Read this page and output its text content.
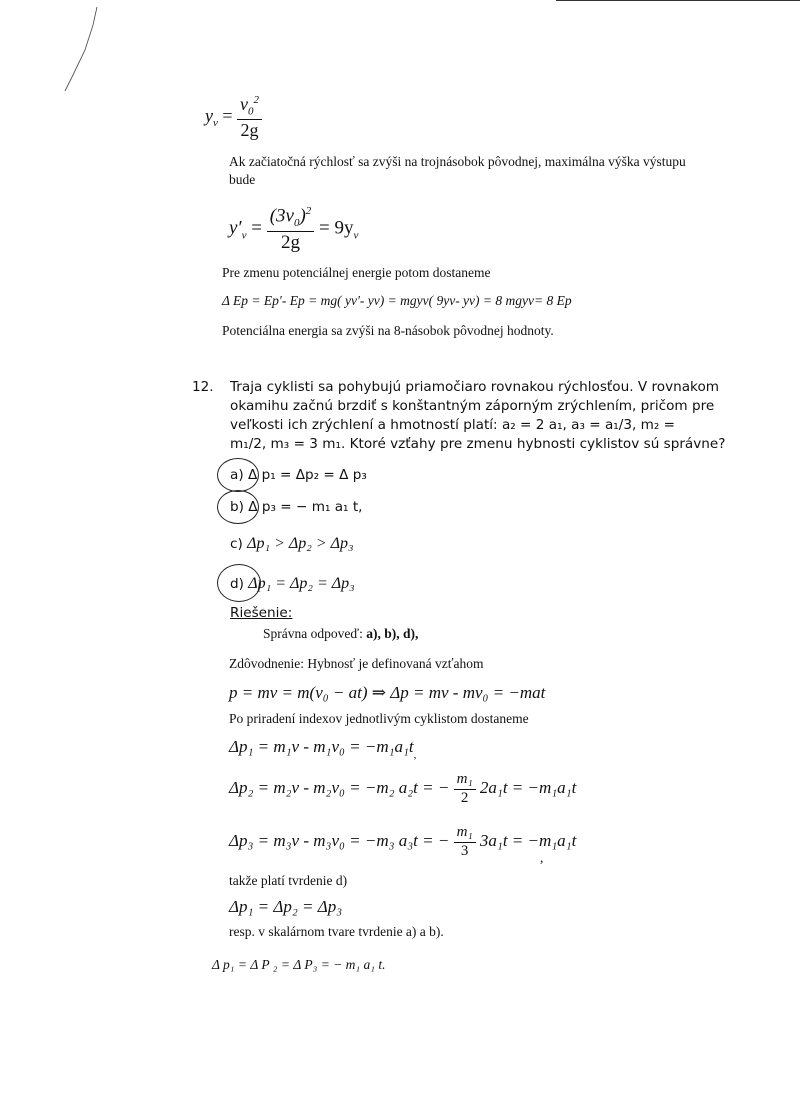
$y_v = \frac{v_0^2}{2g}$
Ak začiatočná rýchlosť sa zvýši na trojnásobok pôvodnej, maximálna výška výstupu bude
$y'_v = \frac{(3v_0)^2}{2g} = 9y_v$
Pre zmenu potenciálnej energie potom dostaneme
Δ Ep = Ep′- Ep = mg( yv′- yv) = mgyv( 9yv- yv) = 8 mgyv= 8 Ep
Potenciálna energia sa zvýši na 8-násobok pôvodnej hodnoty.
12. Traja cyklisti sa pohybujú priamočiaro rovnakou rýchlosťou. V rovnakom
okamihu začnú brzdiť s konštantným záporným zrýchlením, pričom pre
veľkosti ich zrýchlení a hmotností platí: a₂ = 2 a₁, a₃ = a₁/3, m₂ =
m₁/2, m₃ = 3 m₁. Ktoré vzťahy pre zmenu hybnosti cyklistov sú správne?
a) Δ p₁ = Δp₂ = Δ p₃
b) Δ p₃ = − m₁ a₁ t,
c) Δp₁ > Δp₂ > Δp₃
d) Δp₁ = Δp₂ = Δp₃
Riešenie:
Správna odpoveď: a), b), d),
Zdôvodnenie: Hybnosť je definovaná vzťahom
p = mv = m(v₀ − at) ⇒ Δp = mv - mv₀ = −mat
Po priradení indexov jednotlivým cyklistom dostaneme
$\Delta p_1 = m_1v - m_1v_0 = -m_1a_1t_,$
Δp₂ = m₂v - m₂v₀ = −m₂ a₂t = − $\frac{\text{m₁}}{2} 2a_1t = -m_1a_1t$
Δp₃ = m₃v - m₃v₀ = −m₃ a₃t = − $\frac{\text{m₁}}{3} 3a_1t = -m_1a_1t$
,
takže platí tvrdenie d)
Δp₁ = Δp₂ = Δp₃
resp. v skalárnom tvare tvrdenie a) a b).
Δ p₁ = Δ P ₂ = Δ P₃ = − m₁ a₁ t.
